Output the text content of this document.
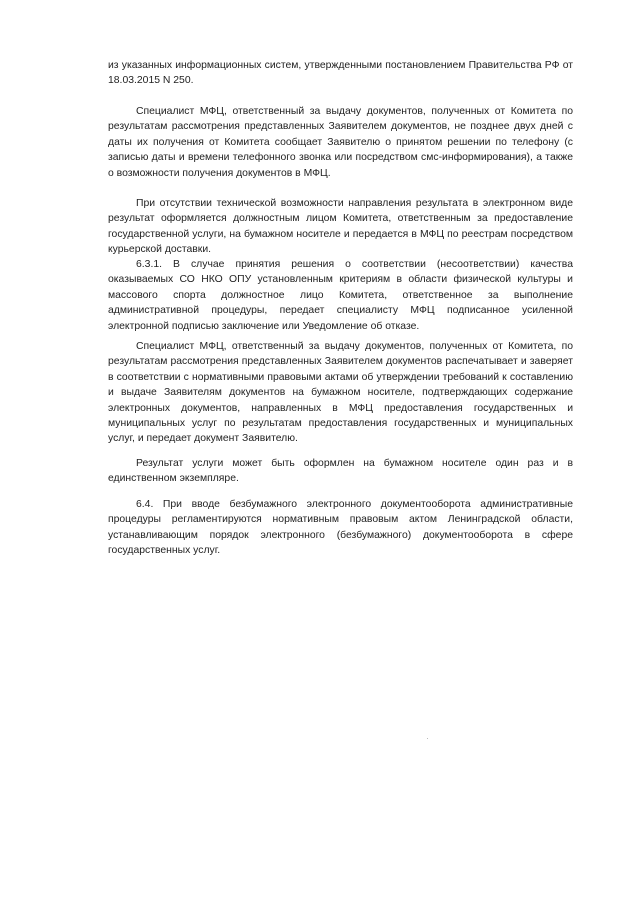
из указанных информационных систем, утвержденными постановлением Правительства РФ от 18.03.2015 N 250.

Специалист МФЦ, ответственный за выдачу документов, полученных от Комитета по результатам рассмотрения представленных Заявителем документов, не позднее двух дней с даты их получения от Комитета сообщает Заявителю о принятом решении по телефону (с записью даты и времени телефонного звонка или посредством смс-информирования), а также о возможности получения документов в МФЦ.

При отсутствии технической возможности направления результата в электронном виде результат оформляется должностным лицом Комитета, ответственным за предоставление государственной услуги, на бумажном носителе и передается в МФЦ по реестрам посредством курьерской доставки.

6.3.1. В случае принятия решения о соответствии (несоответствии) качества оказываемых СО НКО ОПУ установленным критериям в области физической культуры и массового спорта должностное лицо Комитета, ответственное за выполнение административной процедуры, передает специалисту МФЦ подписанное усиленной электронной подписью заключение или Уведомление об отказе.

Специалист МФЦ, ответственный за выдачу документов, полученных от Комитета, по результатам рассмотрения представленных Заявителем документов распечатывает и заверяет в соответствии с нормативными правовыми актами об утверждении требований к составлению и выдаче Заявителям документов на бумажном носителе, подтверждающих содержание электронных документов, направленных в МФЦ предоставления государственных и муниципальных услуг по результатам предоставления государственных и муниципальных услуг, и передает документ Заявителю.

Результат услуги может быть оформлен на бумажном носителе один раз и в единственном экземпляре.

6.4. При вводе безбумажного электронного документооборота административные процедуры регламентируются нормативным правовым актом Ленинградской области, устанавливающим порядок электронного (безбумажного) документооборота в сфере государственных услуг.
